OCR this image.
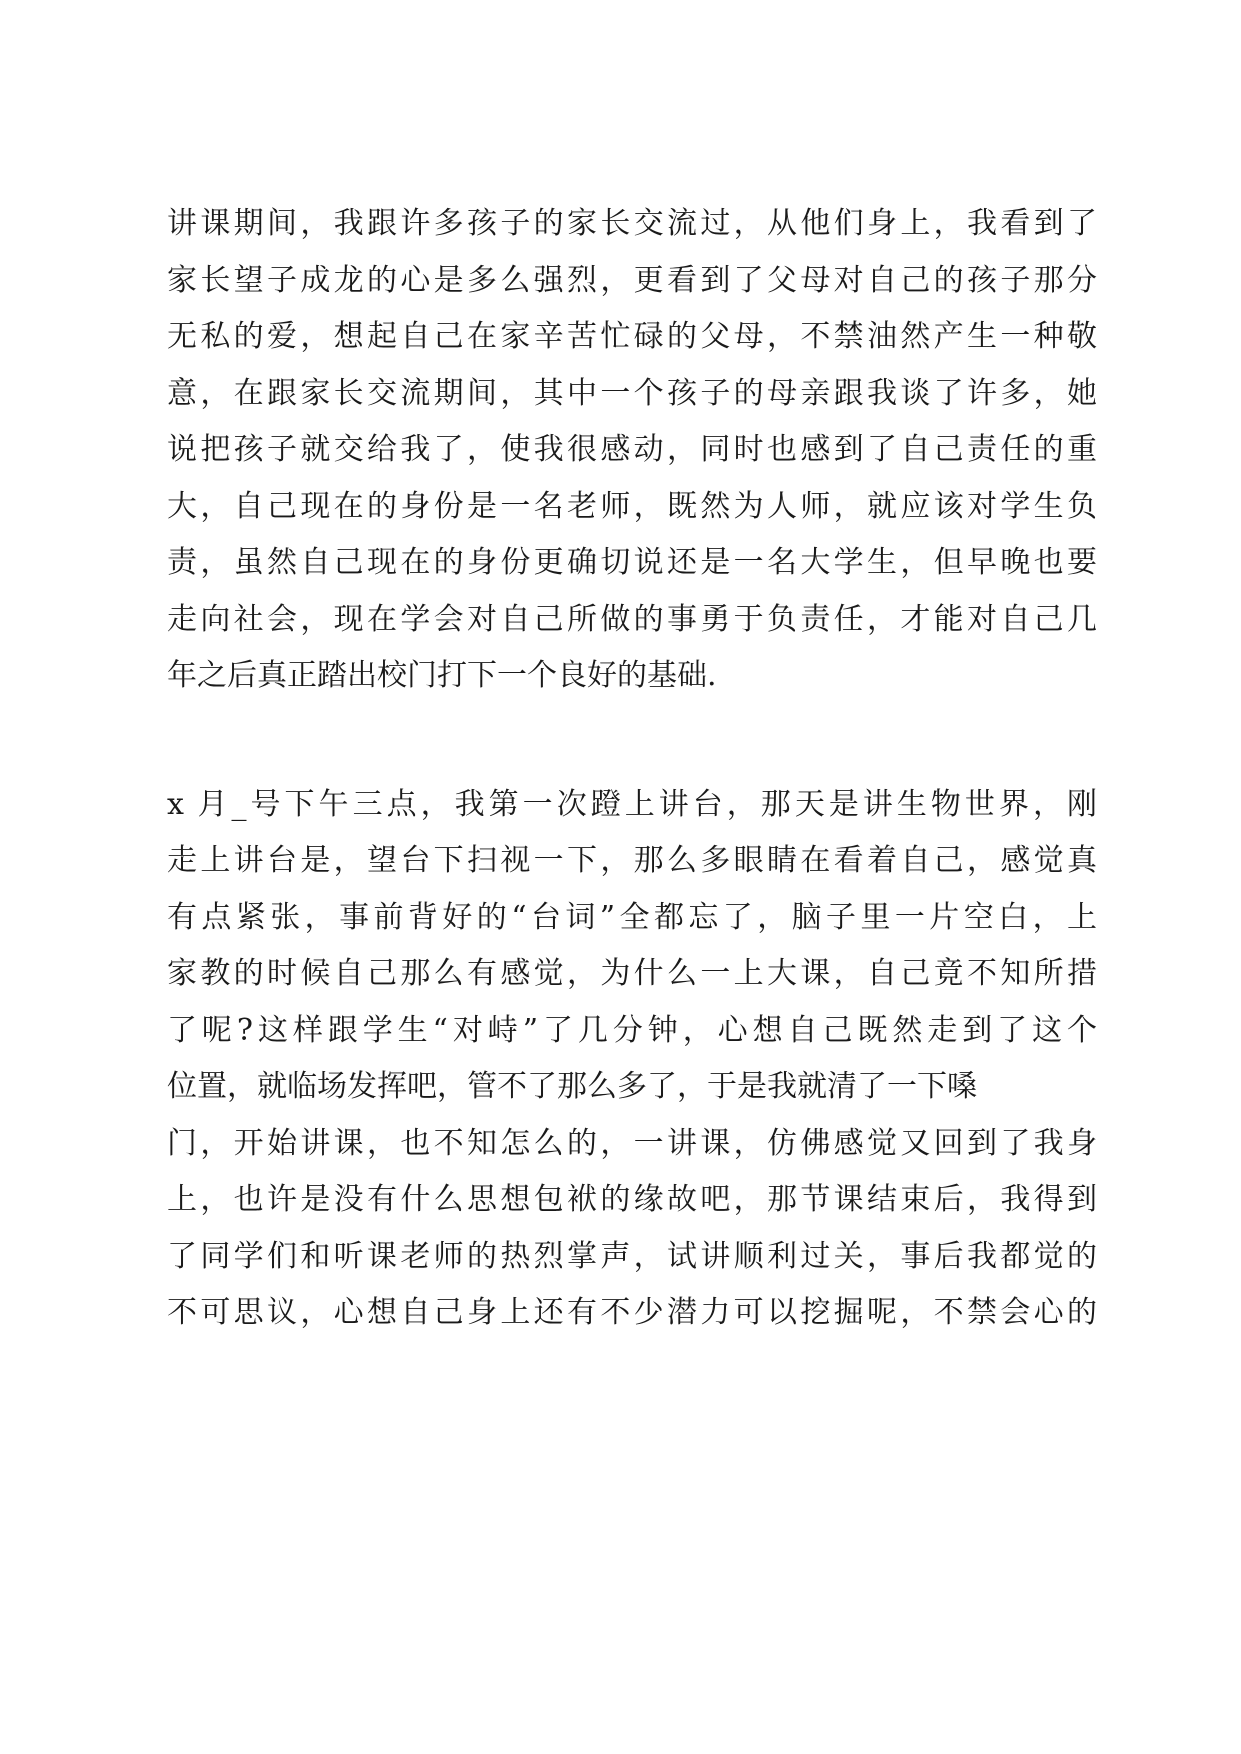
讲课期间，我跟许多孩子的家长交流过，从他们身上，我看到了
家长望子成龙的心是多么强烈，更看到了父母对自己的孩子那分
无私的爱，想起自己在家辛苦忙碌的父母，不禁油然产生一种敬
意，在跟家长交流期间，其中一个孩子的母亲跟我谈了许多，她
说把孩子就交给我了，使我很感动，同时也感到了自己责任的重
大，自己现在的身份是一名老师，既然为人师，就应该对学生负
责，虽然自己现在的身份更确切说还是一名大学生，但早晚也要
走向社会，现在学会对自己所做的事勇于负责任，才能对自己几
年之后真正踏出校门打下一个良好的基础.
x 月_号下午三点，我第一次蹬上讲台，那天是讲生物世界，刚
走上讲台是，望台下扫视一下，那么多眼睛在看着自己，感觉真
有点紧张，事前背好的“台词”全都忘了，脑子里一片空白，上
家教的时候自己那么有感觉，为什么一上大课，自己竟不知所措
了呢?这样跟学生“对峙”了几分钟，心想自己既然走到了这个
位置，就临场发挥吧，管不了那么多了，于是我就清了一下嗓
门，开始讲课，也不知怎么的，一讲课，仿佛感觉又回到了我身
上，也许是没有什么思想包袱的缘故吧，那节课结束后，我得到
了同学们和听课老师的热烈掌声，试讲顺利过关，事后我都觉的
不可思议，心想自己身上还有不少潜力可以挖掘呢，不禁会心的
